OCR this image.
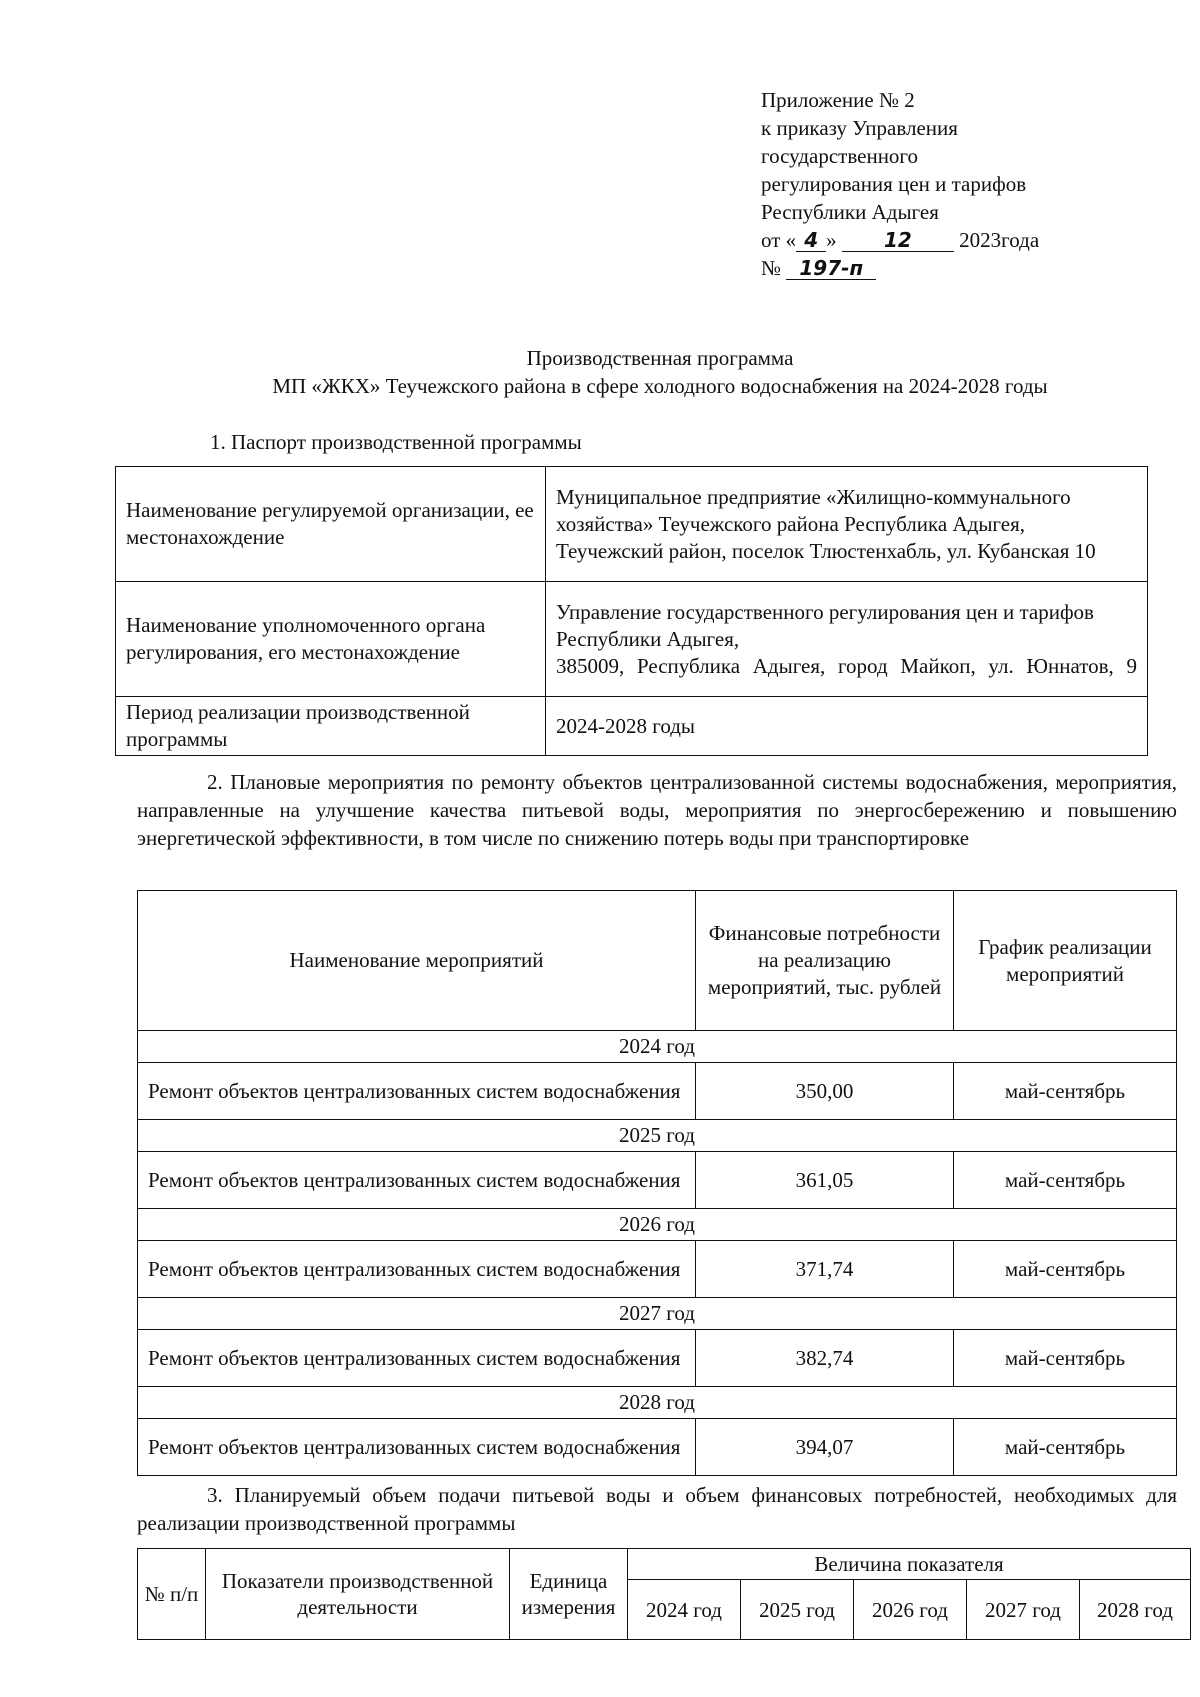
Приложение № 2
к приказу Управления
государственного
регулирования цен и тарифов
Республики Адыгея
от « 4 » 12 2023года
№ 197-п
Производственная программа
МП «ЖКХ» Теучежского района в сфере холодного водоснабжения на 2024-2028 годы
1. Паспорт производственной программы
Наименование регулируемой организации, ее местонахождение	Муниципальное предприятие «Жилищно-коммунального хозяйства» Теучежского района Республика Адыгея, Теучежский район, поселок Тлюстенхабль, ул. Кубанская 10
Наименование уполномоченного органа регулирования, его местонахождение	Управление государственного регулирования цен и тарифов Республики Адыгея,
385009, Республика Адыгея, город Майкоп, ул. Юннатов, 9

Период реализации производственной программы	2024-2028 годы
2. Плановые мероприятия по ремонту объектов централизованной системы водоснабжения, мероприятия, направленные на улучшение качества питьевой воды, мероприятия по энергосбережению и повышению энергетической эффективности, в том числе по снижению потерь воды при транспортировке
Наименование мероприятий	Финансовые потребности на реализацию мероприятий, тыс. рублей	График реализации мероприятий
2024 год		
Ремонт объектов централизованных систем водоснабжения	350,00	май-сентябрь
2025 год		
Ремонт объектов централизованных систем водоснабжения	361,05	май-сентябрь
2026 год		
Ремонт объектов централизованных систем водоснабжения	371,74	май-сентябрь
2027 год		
Ремонт объектов централизованных систем водоснабжения	382,74	май-сентябрь
2028 год		
Ремонт объектов централизованных систем водоснабжения	394,07	май-сентябрь
3. Планируемый объем подачи питьевой воды и объем финансовых потребностей, необходимых для реализации производственной программы
№ п/п	Показатели производственной деятельности	Единица измерения	Величина показателя				
			2024 год	2025 год	2026 год	2027 год	2028 год
